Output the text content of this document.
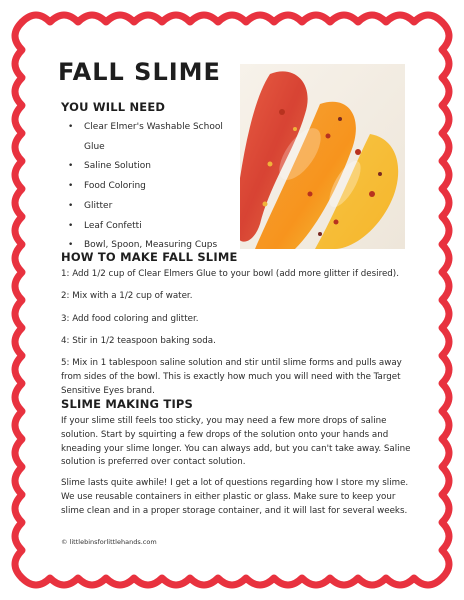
FALL SLIME
YOU WILL NEED
• Clear Elmer's Washable School Glue
• Saline Solution
• Food Coloring
• Glitter
• Leaf Confetti
• Bowl, Spoon, Measuring Cups
HOW TO MAKE FALL SLIME

1: Add 1/2 cup of Clear Elmers Glue to your bowl (add more glitter if desired).

2: Mix with a 1/2 cup of water.

3: Add food coloring and glitter.

4: Stir in 1/2 teaspoon baking soda.

5: Mix in 1 tablespoon saline solution and stir until slime forms and pulls away from sides of the bowl. This is exactly how much you will need with the Target Sensitive Eyes brand.

SLIME MAKING TIPS

If your slime still feels too sticky, you may need a few more drops of saline solution. Start by squirting a few drops of the solution onto your hands and kneading your slime longer. You can always add, but you can't take away. Saline solution is preferred over contact solution.

Slime lasts quite awhile! I get a lot of questions regarding how I store my slime. We use reusable containers in either plastic or glass. Make sure to keep your slime clean and in a proper storage container, and it will last for several weeks.

© littlebinsforlittlehands.com
